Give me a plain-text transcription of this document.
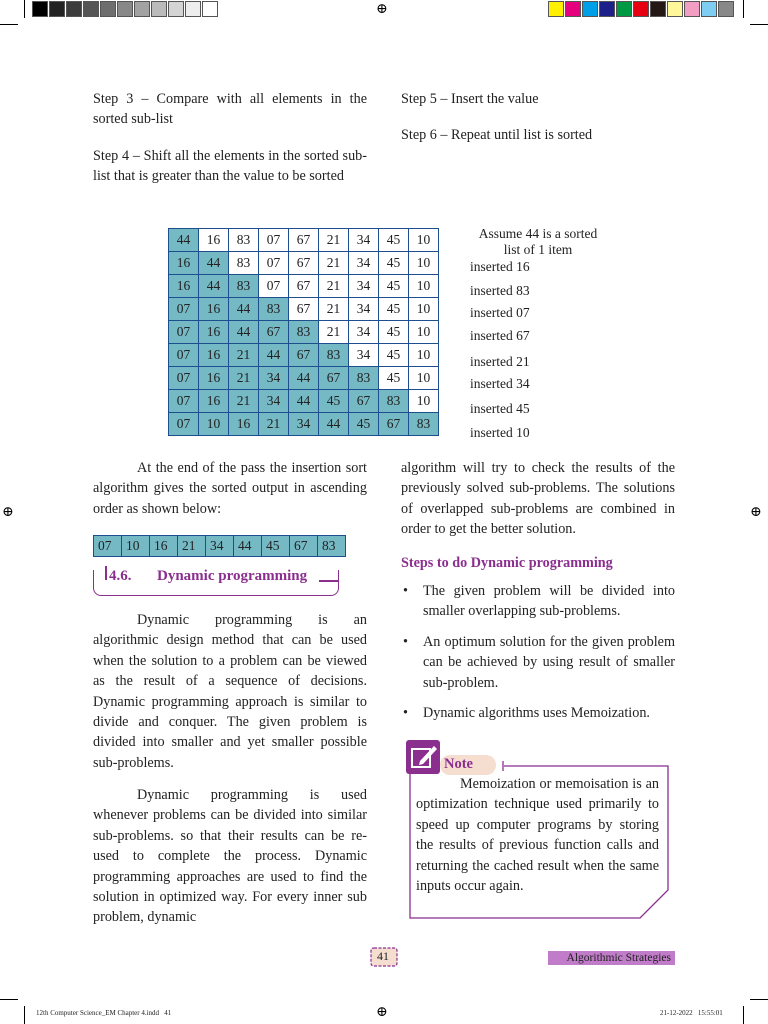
⊕
⊕	⊕
⊕
Step 3 – Compare with all elements in the sorted sub-list
Step 4 – Shift all the elements in the sorted sub-list that is greater than the value to be sorted
Step 5 – Insert the value
Step 6 – Repeat until list is sorted
44	16	83	07	67	21	34	45	10
16	44	83	07	67	21	34	45	10
16	44	83	07	67	21	34	45	10
07	16	44	83	67	21	34	45	10
07	16	44	67	83	21	34	45	10
07	16	21	44	67	83	34	45	10
07	16	21	34	44	67	83	45	10
07	16	21	34	44	45	67	83	10
07	10	16	21	34	44	45	67	83
Assume 44 is a sorted list of 1 item
inserted 16
inserted 83
inserted 07
inserted 67
inserted 21
inserted 34
inserted 45
inserted 10
At the end of the pass the insertion sort algorithm gives the sorted output in ascending order as shown below:
07	10	16	21	34	44	45	67	83
4.6. Dynamic programming
Dynamic programming is an algorithmic design method that can be used when the solution to a problem can be viewed as the result of a sequence of decisions. Dynamic programming approach is similar to divide and conquer. The given problem is divided into smaller and yet smaller possible sub-problems.
Dynamic programming is used whenever problems can be divided into similar sub-problems. so that their results can be re-used to complete the process. Dynamic programming approaches are used to find the solution in optimized way. For every inner sub problem, dynamic
algorithm will try to check the results of the previously solved sub-problems. The solutions of overlapped sub-problems are combined in order to get the better solution.
Steps to do Dynamic programming
• The given problem will be divided into smaller overlapping sub-problems.
• An optimum solution for the given problem can be achieved by using result of smaller sub-problem.
• Dynamic algorithms uses Memoization.
Note
Memoization or memoisation is an optimization technique used primarily to speed up computer programs by storing the results of previous function calls and returning the cached result when the same inputs occur again.
41	Algorithmic Strategies
12th Computer Science_EM Chapter 4.indd   41	21-12-2022   15:55:01
